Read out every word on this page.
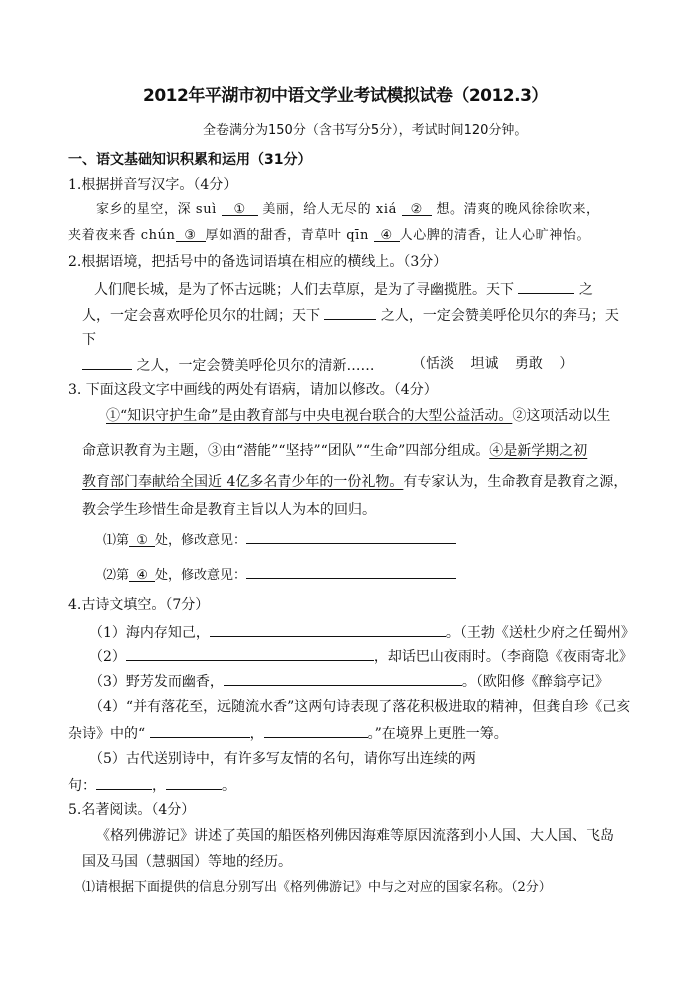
2012年平湖市初中语文学业考试模拟试卷（2012.3）
全卷满分为150分（含书写分5分），考试时间120分钟。
一、语文基础知识积累和运用（31分）
1.根据拼音写汉字。（4分）
家乡的星空，深 suì ① 美丽，给人无尽的 xiá ② 想。清爽的晚风徐徐吹来，
夹着夜来香 chún ③ 厚如酒的甜香，青草叶 qīn ④ 人心脾的清香，让人心旷神怡。
2.根据语境，把括号中的备选词语填在相应的横线上。（3分）
人们爬长城，是为了怀古远眺；人们去草原，是为了寻幽揽胜。天下	之
人，一定会喜欢呼伦贝尔的壮阔；天下	之人，一定会赞美呼伦贝尔的奔马；天
下
之人，一定会赞美呼伦贝尔的清新……	（恬淡 坦诚 勇敢 ）
3. 下面这段文字中画线的两处有语病，请加以修改。（4分）
①“知识守护生命”是由教育部与中央电视台联合的大型公益活动。②这项活动以生
命意识教育为主题，③由“潜能”“坚持”“团队”“生命”四部分组成。④是新学期之初
教育部门奉献给全国近 4亿多名青少年的一份礼物。有专家认为，生命教育是教育之源，
教会学生珍惜生命是教育主旨以人为本的回归。
⑴第 ① 处，修改意见：
⑵第 ④ 处，修改意见：
4.古诗文填空。（7分）
（1）海内存知己，	。（王勃《送杜少府之任蜀州》
（2）	，却话巴山夜雨时。（李商隐《夜雨寄北》
（3）野芳发而幽香，	。（欧阳修《醉翁亭记》
（4）“并有落花至，远随流水香”这两句诗表现了落花积极进取的精神，但龚自珍《己亥
杂诗》中的“	，	。”在境界上更胜一筹。
（5）古代送别诗中，有许多写友情的名句，请你写出连续的两
句：	，	。
5.名著阅读。（4分）
《格列佛游记》讲述了英国的船医格列佛因海难等原因流落到小人国、大人国、飞岛
国及马国（慧骃国）等地的经历。
⑴请根据下面提供的信息分别写出《格列佛游记》中与之对应的国家名称。（2分）
